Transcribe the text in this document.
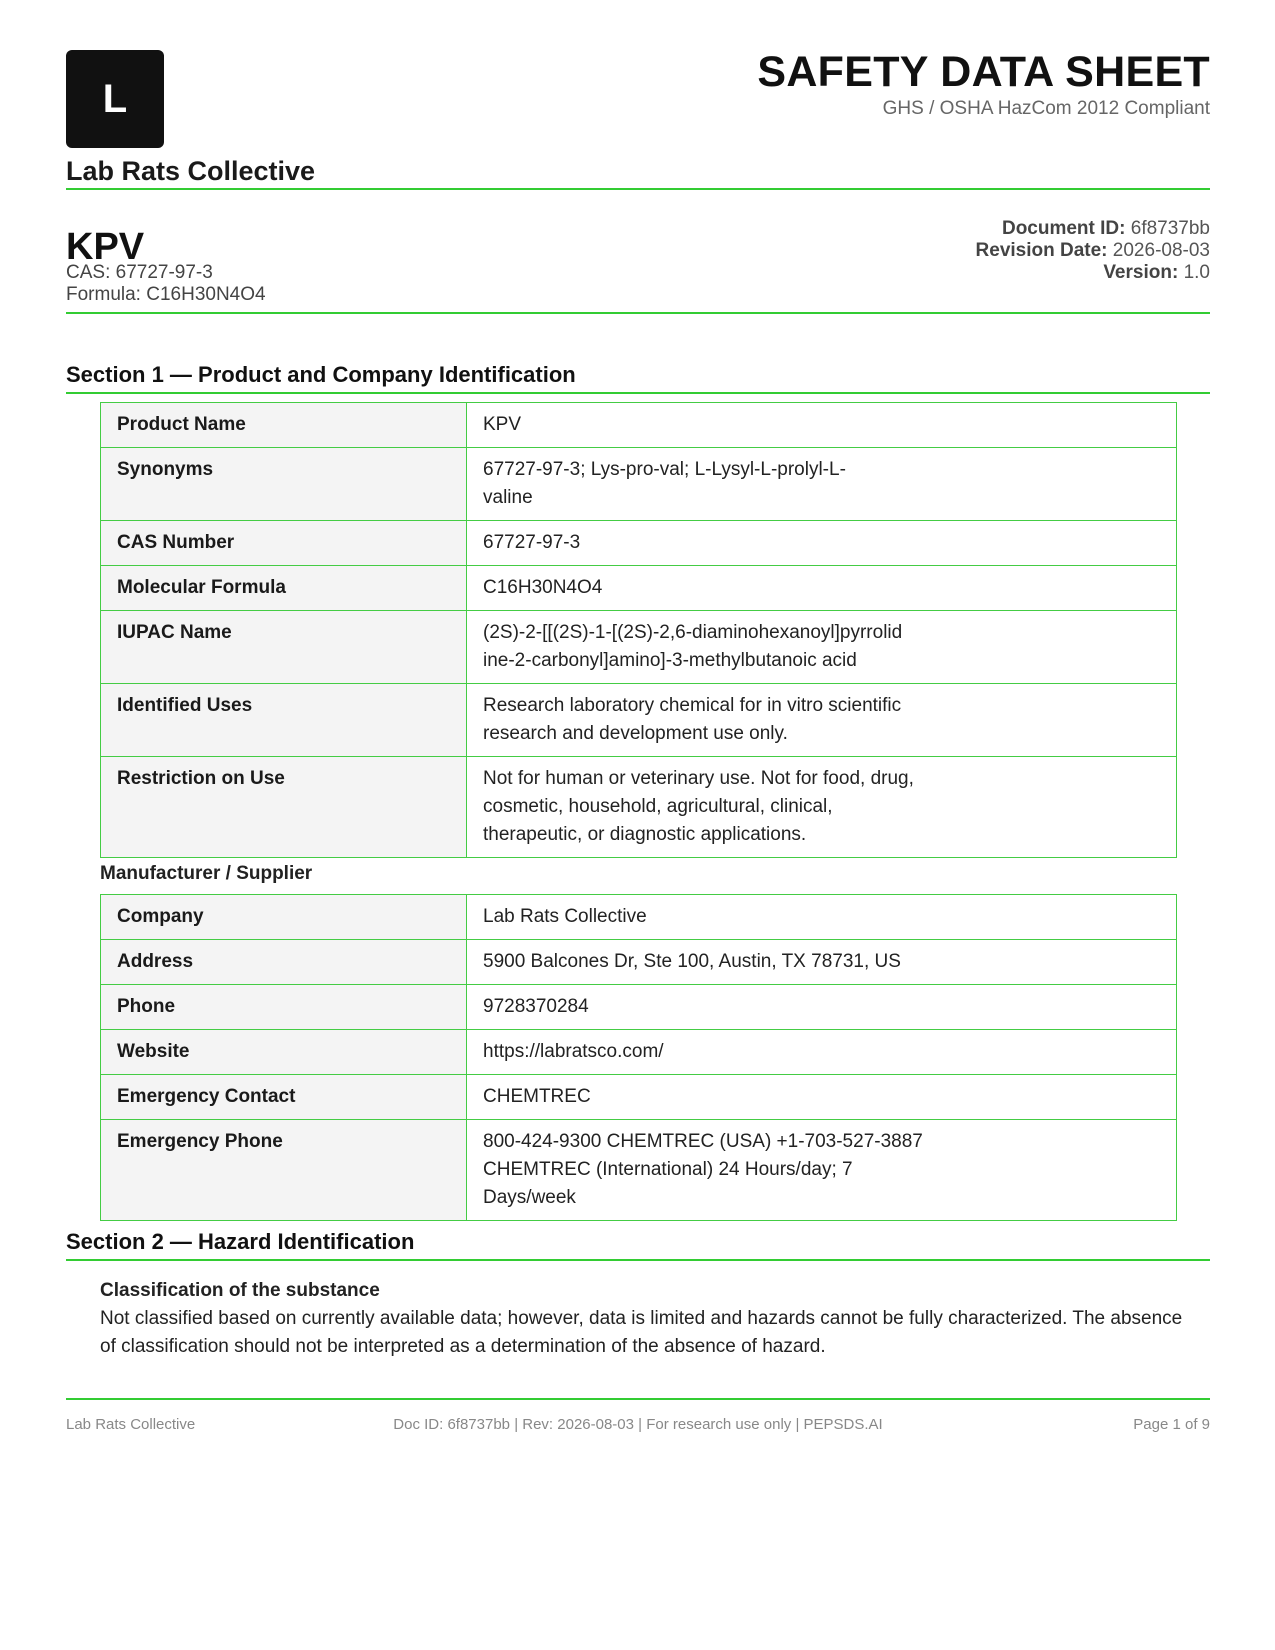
L
Lab Rats Collective
SAFETY DATA SHEET
GHS / OSHA HazCom 2012 Compliant
KPV
CAS: 67727-97-3
Formula: C16H30N4O4
Document ID: 6f8737bb
Revision Date: 2026-08-03
Version: 1.0
Section 1 — Product and Company Identification
Product Name	KPV

Synonyms	67727-97-3; Lys-pro-val; L-Lysyl-L-prolyl-L-valine

CAS Number	67727-97-3

Molecular Formula	C16H30N4O4

IUPAC Name	(2S)-2-[[(2S)-1-[(2S)-2,6-diaminohexanoyl]pyrrolidine-2-carbonyl]amino]-3-methylbutanoic acid

Identified Uses	Research laboratory chemical for in vitro scientific research and development use only.

Restriction on Use	Not for human or veterinary use. Not for food, drug, cosmetic, household, agricultural, clinical, therapeutic, or diagnostic applications.
Manufacturer / Supplier
Company	Lab Rats Collective

Address	5900 Balcones Dr, Ste 100, Austin, TX 78731, US

Phone	9728370284

Website	https://labratsco.com/

Emergency Contact	CHEMTREC

Emergency Phone	800-424-9300 CHEMTREC (USA) +1-703-527-3887 CHEMTREC (International) 24 Hours/day; 7 Days/week
Section 2 — Hazard Identification
Classification of the substance
Not classified based on currently available data; however, data is limited and hazards cannot be fully characterized. The absence of classification should not be interpreted as a determination of the absence of hazard.
Lab Rats Collective	Doc ID: 6f8737bb | Rev: 2026-08-03 | For research use only | PEPSDS.AI	Page 1 of 9
